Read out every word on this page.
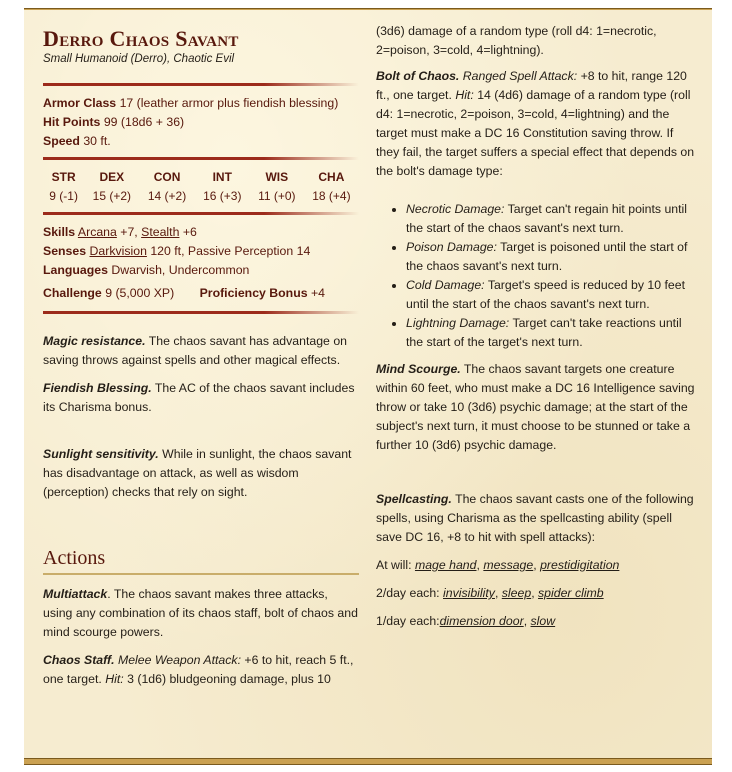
Derro Chaos Savant
Small Humanoid (Derro), Chaotic Evil
Armor Class 17 (leather armor plus fiendish blessing)
Hit Points 99 (18d6 + 36)
Speed 30 ft.
STR	DEX	CON	INT	WIS	CHA
9 (-1)	15 (+2)	14 (+2)	16 (+3)	11 (+0)	18 (+4)
Skills Arcana +7, Stealth +6
Senses Darkvision 120 ft, Passive Perception 14
Languages Dwarvish, Undercommon
Challenge 9 (5,000 XP) Proficiency Bonus +4

Magic resistance. The chaos savant has advantage on saving throws against spells and other magical effects.

Fiendish Blessing. The AC of the chaos savant includes its Charisma bonus.

Sunlight sensitivity. While in sunlight, the chaos savant has disadvantage on attack, as well as wisdom (perception) checks that rely on sight.

Actions

Multiattack. The chaos savant makes three attacks, using any combination of its chaos staff, bolt of chaos and mind scourge powers.

Chaos Staff. Melee Weapon Attack: +6 to hit, reach 5 ft., one target. Hit: 3 (1d6) bludgeoning damage, plus 10

(3d6) damage of a random type (roll d4: 1=necrotic, 2=poison, 3=cold, 4=lightning).

Bolt of Chaos. Ranged Spell Attack: +8 to hit, range 120 ft., one target. Hit: 14 (4d6) damage of a random type (roll d4: 1=necrotic, 2=poison, 3=cold, 4=lightning) and the target must make a DC 16 Constitution saving throw. If they fail, the target suffers a special effect that depends on the bolt's damage type:

• Necrotic Damage: Target can't regain hit points until the start of the chaos savant's next turn.
• Poison Damage: Target is poisoned until the start of the chaos savant's next turn.
• Cold Damage: Target's speed is reduced by 10 feet until the start of the chaos savant's next turn.
• Lightning Damage: Target can't take reactions until the start of the target's next turn.

Mind Scourge. The chaos savant targets one creature within 60 feet, who must make a DC 16 Intelligence saving throw or take 10 (3d6) psychic damage; at the start of the subject's next turn, it must choose to be stunned or take a further 10 (3d6) psychic damage.

Spellcasting. The chaos savant casts one of the following spells, using Charisma as the spellcasting ability (spell save DC 16, +8 to hit with spell attacks):

At will: mage hand, message, prestidigitation

2/day each: invisibility, sleep, spider climb

1/day each:dimension door, slow
